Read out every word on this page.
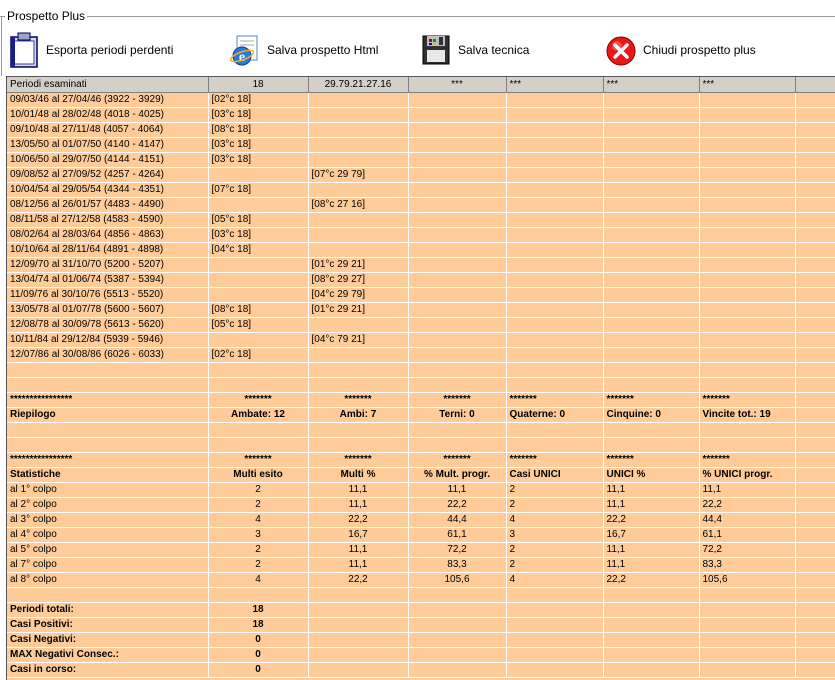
Prospetto Plus
Esporta periodi perdenti	e Salva prospetto Html	Salva tecnica	Chiudi prospetto plus
Periodi esaminati	18	29.79.21.27.16	***	***	***	***	
09/03/46 al 27/04/46 (3922 - 3929)	[02°c 18]						
10/01/48 al 28/02/48 (4018 - 4025)	[03°c 18]						
09/10/48 al 27/11/48 (4057 - 4064)	[08°c 18]						
13/05/50 al 01/07/50 (4140 - 4147)	[03°c 18]						
10/06/50 al 29/07/50 (4144 - 4151)	[03°c 18]						
09/08/52 al 27/09/52 (4257 - 4264)		[07°c 29 79]					
10/04/54 al 29/05/54 (4344 - 4351)	[07°c 18]						
08/12/56 al 26/01/57 (4483 - 4490)		[08°c 27 16]					
08/11/58 al 27/12/58 (4583 - 4590)	[05°c 18]						
08/02/64 al 28/03/64 (4856 - 4863)	[03°c 18]						
10/10/64 al 28/11/64 (4891 - 4898)	[04°c 18]						
12/09/70 al 31/10/70 (5200 - 5207)		[01°c 29 21]					
13/04/74 al 01/06/74 (5387 - 5394)		[08°c 29 27]					
11/09/76 al 30/10/76 (5513 - 5520)		[04°c 29 79]					
13/05/78 al 01/07/78 (5600 - 5607)	[08°c 18]	[01°c 29 21]					
12/08/78 al 30/09/78 (5613 - 5620)	[05°c 18]						
10/11/84 al 29/12/84 (5939 - 5946)		[04°c 79 21]					
12/07/86 al 30/08/86 (6026 - 6033)	[02°c 18]						

****************	*******	*******	*******	*******	*******	*******	
Riepilogo	Ambate: 12	Ambi: 7	Terni: 0	Quaterne: 0	Cinquine: 0	Vincite tot.: 19	

****************	*******	*******	*******	*******	*******	*******	
Statistiche	Multi esito	Multi %	% Mult. progr.	Casi UNICI	UNICI %	% UNICI progr.	
al 1° colpo	2	11,1	11,1	2	11,1	11,1	
al 2° colpo	2	11,1	22,2	2	11,1	22,2	
al 3° colpo	4	22,2	44,4	4	22,2	44,4	
al 4° colpo	3	16,7	61,1	3	16,7	61,1	
al 5° colpo	2	11,1	72,2	2	11,1	72,2	
al 7° colpo	2	11,1	83,3	2	11,1	83,3	
al 8° colpo	4	22,2	105,6	4	22,2	105,6	

Periodi totali:	18						
Casi Positivi:	18						
Casi Negativi:	0						
MAX Negativi Consec.:	0						
Casi in corso:	0						
